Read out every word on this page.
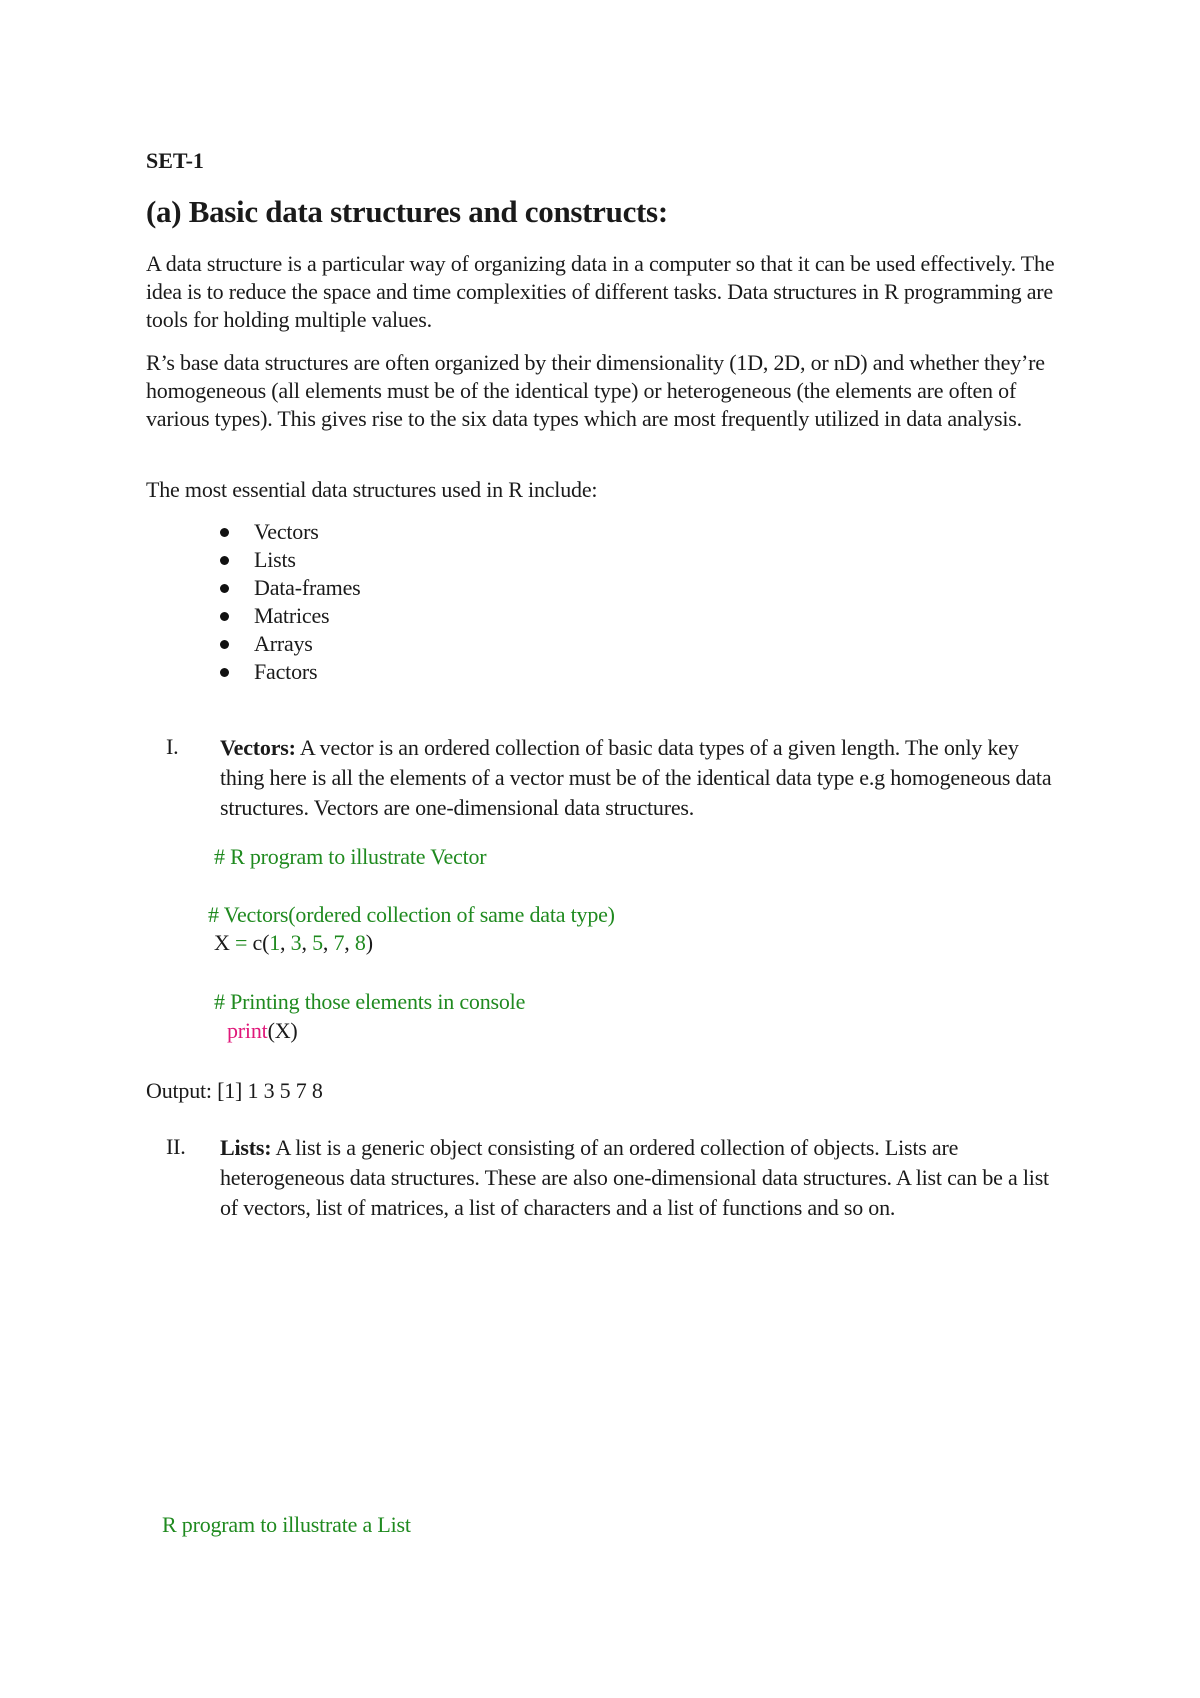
SET-1
(a) Basic data structures and constructs:
A data structure is a particular way of organizing data in a computer so that it can be used effectively. The idea is to reduce the space and time complexities of different tasks. Data structures in R programming are tools for holding multiple values.
R’s base data structures are often organized by their dimensionality (1D, 2D, or nD) and whether they’re homogeneous (all elements must be of the identical type) or heterogeneous (the elements are often of various types). This gives rise to the six data types which are most frequently utilized in data analysis.
The most essential data structures used in R include:
Vectors
Lists
Data-frames
Matrices
Arrays
Factors
I. Vectors: A vector is an ordered collection of basic data types of a given length. The only key thing here is all the elements of a vector must be of the identical data type e.g homogeneous data structures. Vectors are one-dimensional data structures.
# R program to illustrate Vector
# Vectors(ordered collection of same data type)
X = c(1, 3, 5, 7, 8)
# Printing those elements in console
print(X)
Output: [1] 1 3 5 7 8
II. Lists: A list is a generic object consisting of an ordered collection of objects. Lists are heterogeneous data structures. These are also one-dimensional data structures. A list can be a list of vectors, list of matrices, a list of characters and a list of functions and so on.
R program to illustrate a List
